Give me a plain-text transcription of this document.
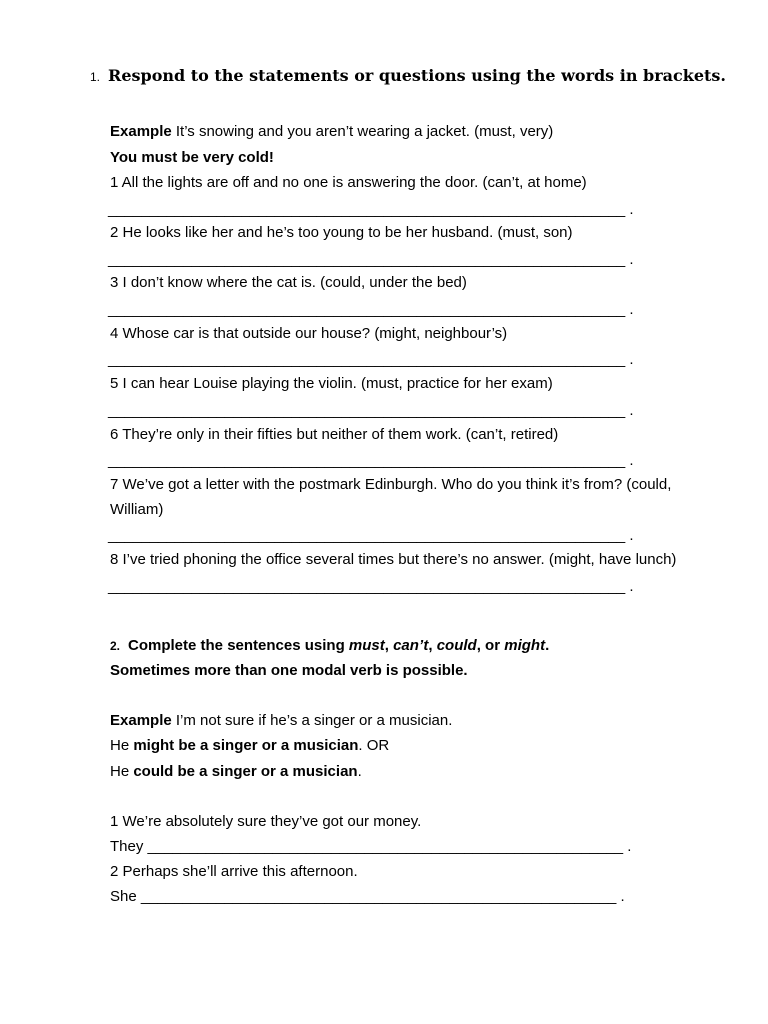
1. Respond to the statements or questions using the words in brackets.
Example It’s snowing and you aren’t wearing a jacket. (must, very)
You must be very cold!
1 All the lights are off and no one is answering the door. (can’t, at home)
______________________________________________________________ .
2 He looks like her and he’s too young to be her husband. (must, son)
______________________________________________________________ .
3 I don’t know where the cat is. (could, under the bed)
______________________________________________________________ .
4 Whose car is that outside our house? (might, neighbour’s)
______________________________________________________________ .
5 I can hear Louise playing the violin. (must, practice for her exam)
______________________________________________________________ .
6 They’re only in their fifties but neither of them work. (can’t, retired)
______________________________________________________________ .
7 We’ve got a letter with the postmark Edinburgh. Who do you think it’s from? (could,
William)
______________________________________________________________ .
8 I’ve tried phoning the office several times but there’s no answer. (might, have lunch)
______________________________________________________________ .
2. Complete the sentences using must, can’t, could, or might.
Sometimes more than one modal verb is possible.
Example I’m not sure if he’s a singer or a musician.
He might be a singer or a musician. OR
He could be a singer or a musician.
1 We’re absolutely sure they’ve got our money.
They _________________________________________________________ .
2 Perhaps she’ll arrive this afternoon.
She _________________________________________________________ .
